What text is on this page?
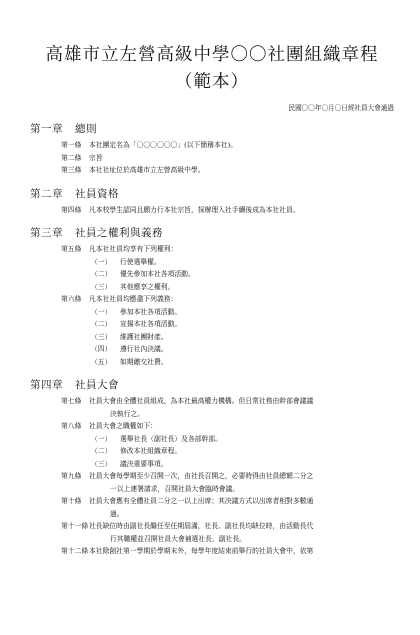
高雄市立左營高級中學〇〇社團組織章程（範本）
民國〇〇年〇月〇日經社員大會通過
第一章 總則
第一條	本社團定名為「〇〇〇〇〇〇」(以下簡稱本社)。
第二條	宗旨
第三條	本社社址位於高雄市立左營高級中學。
第二章 社員資格
第四條	凡本校學生認同且願力行本社宗旨，採辦理入社手續後成為本社社員。
第三章 社員之權利與義務
第五條	凡本社社員均享有下列權利：
（一）	行使選舉權。
（二）	優先參加本社各項活動。
（三）	其他應享之權利。
第六條	凡本社社員均應盡下列義務：
（一）	參加本社各項活動。
（二）	宣揚本社各項活動。
（三）	維護社團財產。
（四）	遵行社內決議。
（五）	如期繳交社費。
第四章 社員大會
第七條	社員大會由全體社員組成，為本社最高權力機構。但日常社務由幹部會議議
決執行之。
第八條	社員大會之職權如下：
（一）	選舉社長（副社長）及各部幹部。
（二）	修改本社組織章程。
（三）	議決重要事項。
第九條	社員大會每學期至少召開一次，由社長召開之，必要時得由社員總額二分之
一以上連署請求，召開社員大會臨時會議。
第十條	社員大會應有全體社員二分之一以上出席；其決議方式以出席者相對多數通
過。
第十一條 社長缺位時由副社長繼任至任期屆滿，社長、副社長均缺位時，由活動長代
行其職權並召開社員大會補選社長、副社長。
第十二條 本社除創社第一學期於學期末外，每學年度結束前舉行的社員大會中，依第
